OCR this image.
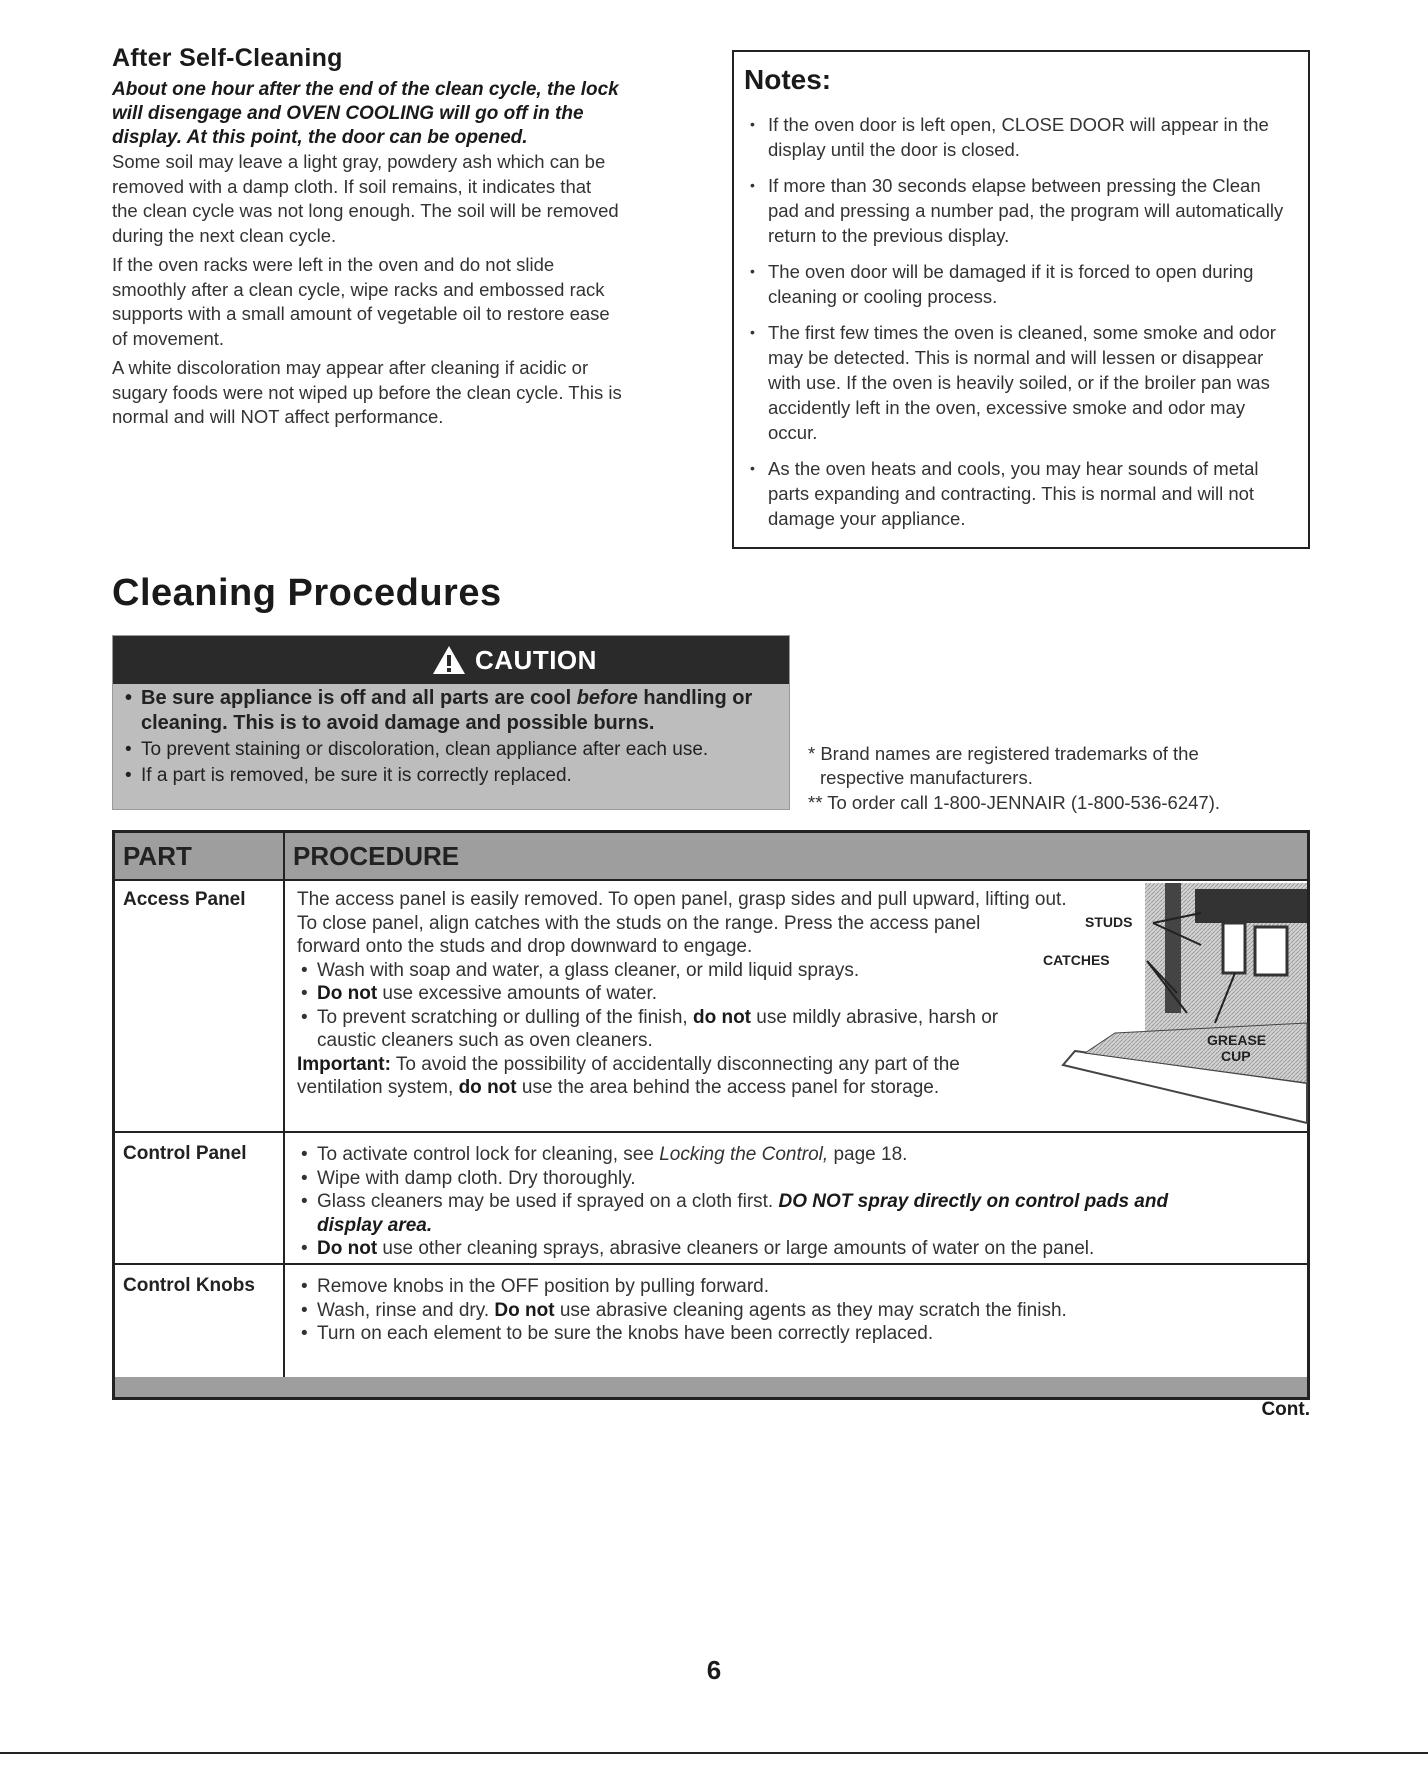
After Self-Cleaning
About one hour after the end of the clean cycle, the lock
will disengage and OVEN COOLING will go off in the
display. At this point, the door can be opened.
Some soil may leave a light gray, powdery ash which can be
removed with a damp cloth. If soil remains, it indicates that
the clean cycle was not long enough. The soil will be removed
during the next clean cycle.
If the oven racks were left in the oven and do not slide
smoothly after a clean cycle, wipe racks and embossed rack
supports with a small amount of vegetable oil to restore ease
of movement.
A white discoloration may appear after cleaning if acidic or
sugary foods were not wiped up before the clean cycle. This is
normal and will NOT affect performance.
Notes:
• If the oven door is left open, CLOSE DOOR will appear in the display until the door is closed.
• If more than 30 seconds elapse between pressing the Clean pad and pressing a number pad, the program will automatically return to the previous display.
• The oven door will be damaged if it is forced to open during cleaning or cooling process.
• The first few times the oven is cleaned, some smoke and odor may be detected. This is normal and will lessen or disappear with use. If the oven is heavily soiled, or if the broiler pan was accidently left in the oven, excessive smoke and odor may occur.
• As the oven heats and cools, you may hear sounds of metal parts expanding and contracting. This is normal and will not damage your appliance.
Cleaning Procedures
CAUTION
• Be sure appliance is off and all parts are cool before handling or cleaning. This is to avoid damage and possible burns.
• To prevent staining or discoloration, clean appliance after each use.
• If a part is removed, be sure it is correctly replaced.
* Brand names are registered trademarks of the
respective manufacturers.
** To order call 1-800-JENNAIR (1-800-536-6247).
PART	PROCEDURE
Access Panel	The access panel is easily removed. To open panel, grasp sides and pull upward, lifting out.
To close panel, align catches with the studs on the range. Press the access panel
forward onto the studs and drop downward to engage.
• Wash with soap and water, a glass cleaner, or mild liquid sprays.
• Do not use excessive amounts of water.
• To prevent scratching or dulling of the finish, do not use mildly abrasive, harsh or
caustic cleaners such as oven cleaners.
Important: To avoid the possibility of accidentally disconnecting any part of the
ventilation system, do not use the area behind the access panel for storage.
STUDS
CATCHES
GREASE
CUP
Control Panel	• To activate control lock for cleaning, see Locking the Control, page 18.
• Wipe with damp cloth. Dry thoroughly.
• Glass cleaners may be used if sprayed on a cloth first. DO NOT spray directly on control pads and
display area.
• Do not use other cleaning sprays, abrasive cleaners or large amounts of water on the panel.
Control Knobs	• Remove knobs in the OFF position by pulling forward.
• Wash, rinse and dry. Do not use abrasive cleaning agents as they may scratch the finish.
• Turn on each element to be sure the knobs have been correctly replaced.
Cont.
6
